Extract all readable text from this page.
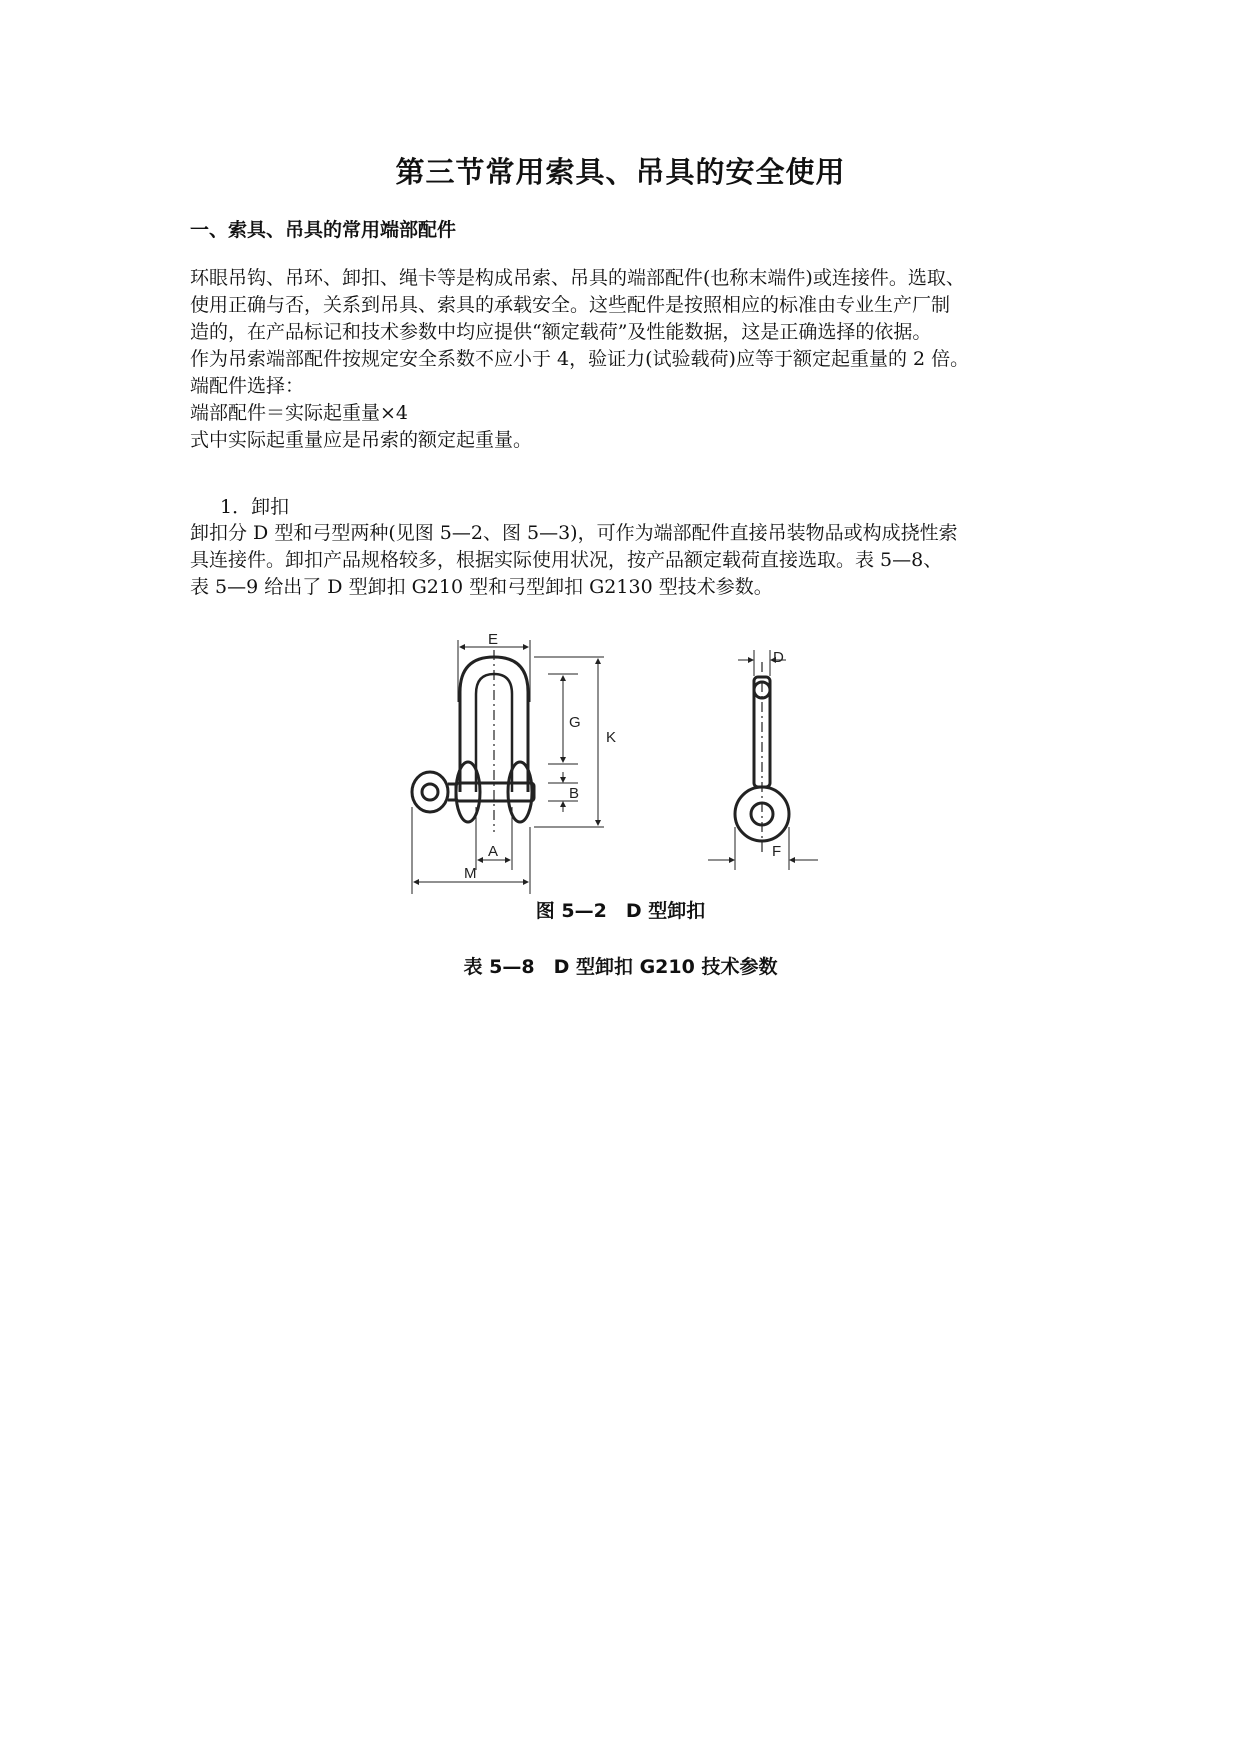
第三节常用索具、吊具的安全使用
一、索具、吊具的常用端部配件

环眼吊钩、吊环、卸扣、绳卡等是构成吊索、吊具的端部配件(也称末端件)或连接件。选取、

使用正确与否，关系到吊具、索具的承载安全。这些配件是按照相应的标准由专业生产厂制

造的，在产品标记和技术参数中均应提供“额定载荷”及性能数据，这是正确选择的依据。

作为吊索端部配件按规定安全系数不应小于 4，验证力(试验载荷)应等于额定起重量的 2 倍。

端配件选择：

端部配件＝实际起重量×4

式中实际起重量应是吊索的额定起重量。

1．卸扣

卸扣分 D 型和弓型两种(见图 5—2、图 5—3)，可作为端部配件直接吊装物品或构成挠性索

具连接件。卸扣产品规格较多，根据实际使用状况，按产品额定载荷直接选取。表 5—8、

表 5—9 给出了 D 型卸扣 G210 型和弓型卸扣 G2130 型技术参数。

E
G
K
B
A
M
D
F
图 5—2　D 型卸扣
表 5—8　D 型卸扣 G210 技术参数
